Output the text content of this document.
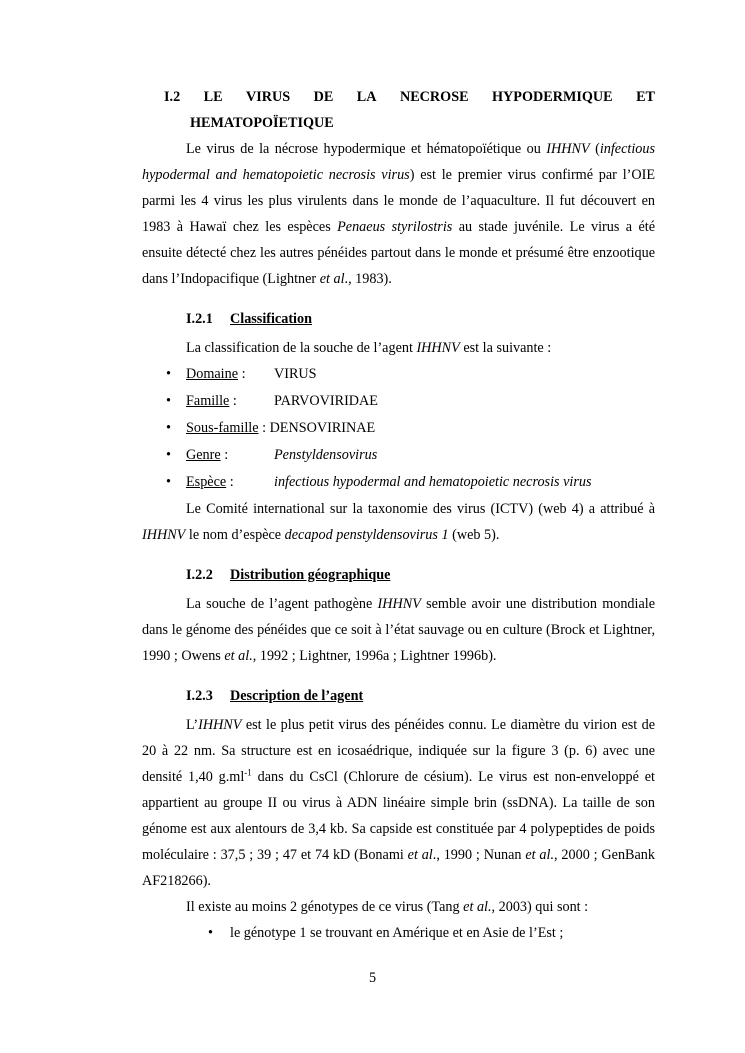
I.2 LE VIRUS DE LA NECROSE HYPODERMIQUE ET
HEMATOPOÏETIQUE

Le virus de la nécrose hypodermique et hématopoïétique ou IHHNV (infectious hypodermal and hematopoietic necrosis virus) est le premier virus confirmé par l’OIE parmi les 4 virus les plus virulents dans le monde de l’aquaculture. Il fut découvert en 1983 à Hawaï chez les espèces Penaeus styrilostris au stade juvénile. Le virus a été ensuite détecté chez les autres pénéides partout dans le monde et présumé être enzootique dans l’Indopacifique (Lightner et al., 1983).

I.2.1 Classification

La classification de la souche de l’agent IHHNV est la suivante :

• Domaine : VIRUS
• Famille :	PARVOVIRIDAE
• Sous-famille : DENSOVIRINAE
• Genre :	Penstyldensovirus
• Espèce :	infectious hypodermal and hematopoietic necrosis virus

Le Comité international sur la taxonomie des virus (ICTV) (web 4) a attribué à IHHNV le nom d’espèce decapod penstyldensovirus 1 (web 5).

I.2.2 Distribution géographique

La souche de l’agent pathogène IHHNV semble avoir une distribution mondiale dans le génome des pénéides que ce soit à l’état sauvage ou en culture (Brock et Lightner, 1990 ; Owens et al., 1992 ; Lightner, 1996a ; Lightner 1996b).

I.2.3 Description de l’agent

L’IHHNV est le plus petit virus des pénéides connu. Le diamètre du virion est de 20 à 22 nm. Sa structure est en icosaédrique, indiquée sur la figure 3 (p. 6) avec une densité 1,40 $g.ml^{-1}$ dans du CsCl (Chlorure de césium). Le virus est non-enveloppé et appartient au groupe II ou virus à ADN linéaire simple brin (ssDNA). La taille de son génome est aux alentours de 3,4 kb. Sa capside est constituée par 4 polypeptides de poids moléculaire : 37,5 ; 39 ; 47 et 74 kD (Bonami et al., 1990 ; Nunan et al., 2000 ; GenBank AF218266).

Il existe au moins 2 génotypes de ce virus (Tang et al., 2003) qui sont :

• le génotype 1 se trouvant en Amérique et en Asie de l’Est ;
5
